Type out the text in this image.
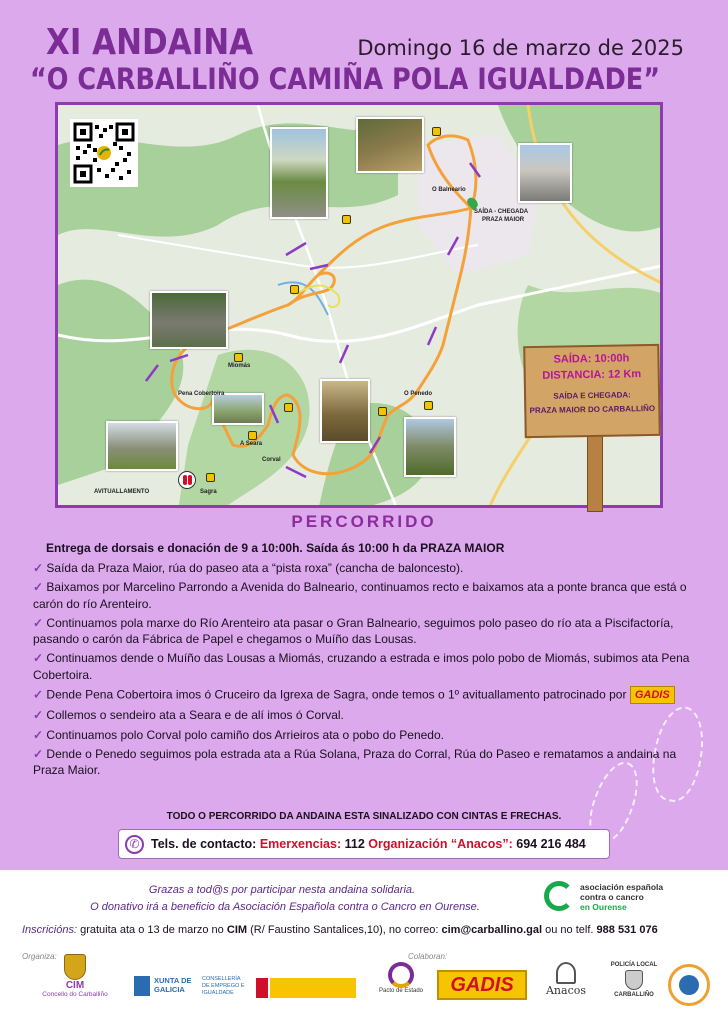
XI ANDAINA	Domingo 16 de marzo de 2025
“O CARBALLIÑO CAMIÑA POLA IGUALDADE”
O Balneario
SAÍDA - CHEGADA
PRAZA MAIOR
Miomás
Pena Cobertoira
A Seara
Corval
Sagra
O Penedo
AVITUALLAMENTO
SAÍDA: 10:00h
DISTANCIA: 12 Km
SAÍDA E CHEGADA:
PRAZA MAIOR DO CARBALLIÑO
PERCORRIDO
Entrega de dorsais e donación de 9 a 10:00h. Saída ás 10:00 h da PRAZA MAIOR
✓ Saída da Praza Maior, rúa do paseo ata a “pista roxa” (cancha de baloncesto).
✓ Baixamos por Marcelino Parrondo a Avenida do Balneario, continuamos recto e baixamos ata a ponte branca que está o carón do río Arenteiro.
✓ Continuamos pola marxe do Río Arenteiro ata pasar o Gran Balneario, seguimos polo paseo do río ata a Piscifactoría, pasando o carón da Fábrica de Papel e chegamos o Muíño das Lousas.
✓ Continuamos dende o Muíño das Lousas a Miomás, cruzando a estrada e imos polo pobo de Miomás, subimos ata Pena Cobertoira.
✓ Dende Pena Cobertoira imos ó Cruceiro da Igrexa de Sagra, onde temos o 1º avituallamento patrocinado por GADIS
✓ Collemos o sendeiro ata a Seara e de alí imos ó Corval.
✓ Continuamos polo Corval polo camiño dos Arrieiros ata o pobo do Penedo.
✓ Dende o Penedo seguimos pola estrada ata a Rúa Solana, Praza do Corral, Rúa do Paseo e rematamos a andaina na Praza Maior.
TODO O PERCORRIDO DA ANDAINA ESTA SINALIZADO CON CINTAS E FRECHAS.
✆ Tels. de contacto: Emerxencias: 112 Organización “Anacos”: 694 216 484
Grazas a tod@s por participar nesta andaina solidaria.
O donativo irá a beneficio da Asociación Española contra o Cancro en Ourense.
asociación española
contra o cancro
en Ourense
Inscricións: gratuita ata o 13 de marzo no CIM (R/ Faustino Santalices,10), no correo: cim@carballino.gal ou no telf. 988 531 076
Organiza:	Colaboran:
CIM
Concello do Carballiño
XUNTA DE GALICIA
CONSELLERÍA DE EMPREGO E IGUALDADE	Pacto de Estado	GADIS	Anacos
POLICÍA LOCAL
CARBALLIÑO
